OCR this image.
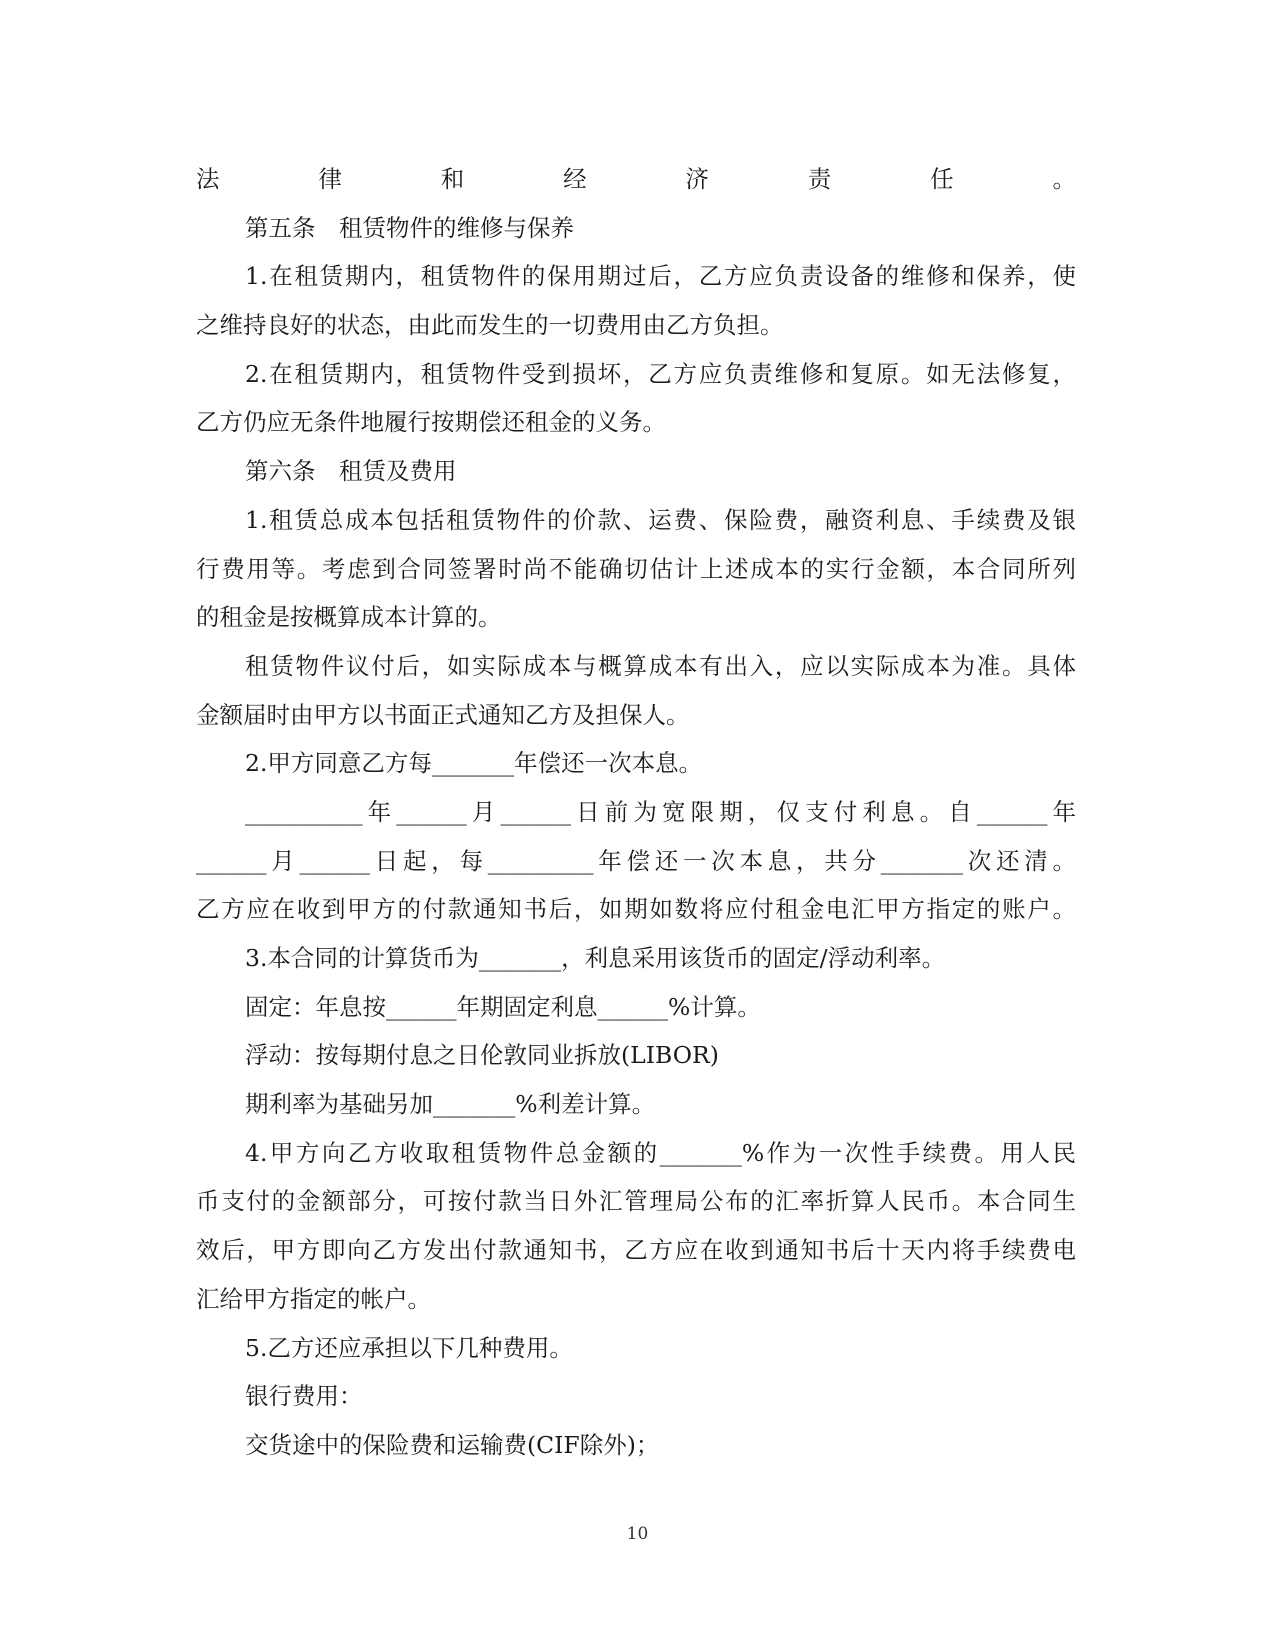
法律和经济责任。
第五条　租赁物件的维修与保养
1.在租赁期内，租赁物件的保用期过后，乙方应负责设备的维修和保养，使
之维持良好的状态，由此而发生的一切费用由乙方负担。
2.在租赁期内，租赁物件受到损坏，乙方应负责维修和复原。如无法修复，
乙方仍应无条件地履行按期偿还租金的义务。
第六条　租赁及费用
1.租赁总成本包括租赁物件的价款、运费、保险费，融资利息、手续费及银
行费用等。考虑到合同签署时尚不能确切估计上述成本的实行金额，本合同所列
的租金是按概算成本计算的。
租赁物件议付后，如实际成本与概算成本有出入，应以实际成本为准。具体
金额届时由甲方以书面正式通知乙方及担保人。
2.甲方同意乙方每_______年偿还一次本息。
__________年______月______日前为宽限期，仅支付利息。自______年
______月______日起，每_________年偿还一次本息，共分_______次还清。
乙方应在收到甲方的付款通知书后，如期如数将应付租金电汇甲方指定的账户。
3.本合同的计算货币为_______，利息采用该货币的固定/浮动利率。
固定：年息按______年期固定利息______%计算。
浮动：按每期付息之日伦敦同业拆放(LIBOR)
期利率为基础另加_______%利差计算。
4.甲方向乙方收取租赁物件总金额的_______%作为一次性手续费。用人民
币支付的金额部分，可按付款当日外汇管理局公布的汇率折算人民币。本合同生
效后，甲方即向乙方发出付款通知书，乙方应在收到通知书后十天内将手续费电
汇给甲方指定的帐户。
5.乙方还应承担以下几种费用。
银行费用：
交货途中的保险费和运输费(CIF除外)；
10
